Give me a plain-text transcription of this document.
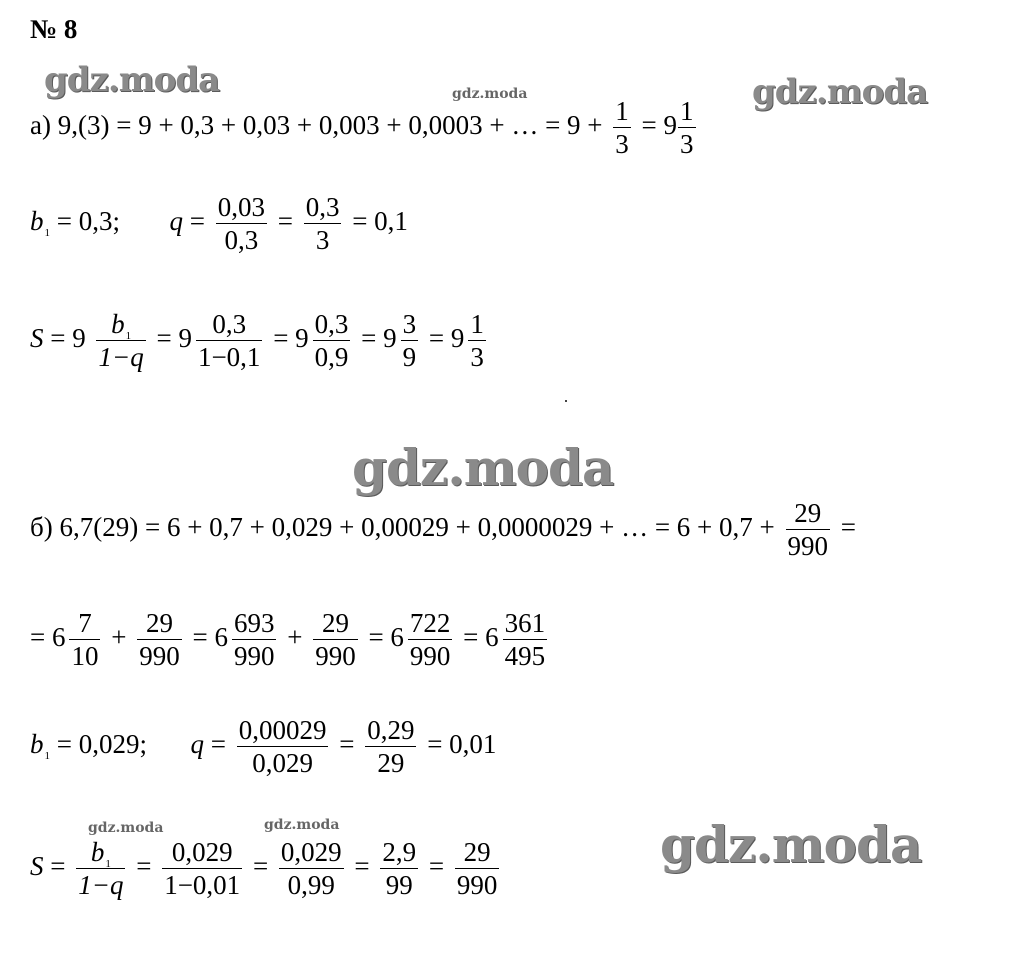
№ 8
gdz.moda	gdz.moda	gdz.moda
gdz.moda
gdz.moda	gdz.moda	gdz.moda
а) 9,(3) = 9 + 0,3 + 0,03 + 0,003 + 0,0003 + … = $9 + \frac{1}{3} = 9 \frac{1}{3}$
$b_1 = 0,3$; $q = \frac{0,03}{0,3} = \frac{0,3}{3} = 0,1$
$S = 9 \frac{b_1}{1-q} = 9 \frac{0,3}{1-0,1} = 9 \frac{0,3}{0,9} = 9 \frac{3}{9} = 9 \frac{1}{3}$
б) 6,7(29) = 6 + 0,7 + 0,029 + 0,00029 + 0,0000029 + … = $6 + 0,7 + \frac{29}{990}$ =
= $6 \frac{7}{10} + \frac{29}{990} = 6 \frac{693}{990} + \frac{29}{990} = 6 \frac{722}{990} = 6 \frac{361}{495}$
$b_1 = 0,029$; $q = \frac{0,00029}{0,029} = \frac{0,29}{29} = 0,01$
$S = \frac{b_1}{1-q} = \frac{0,029}{1-0,01} = \frac{0,029}{0,99} = \frac{2,9}{99} = \frac{29}{990}$
